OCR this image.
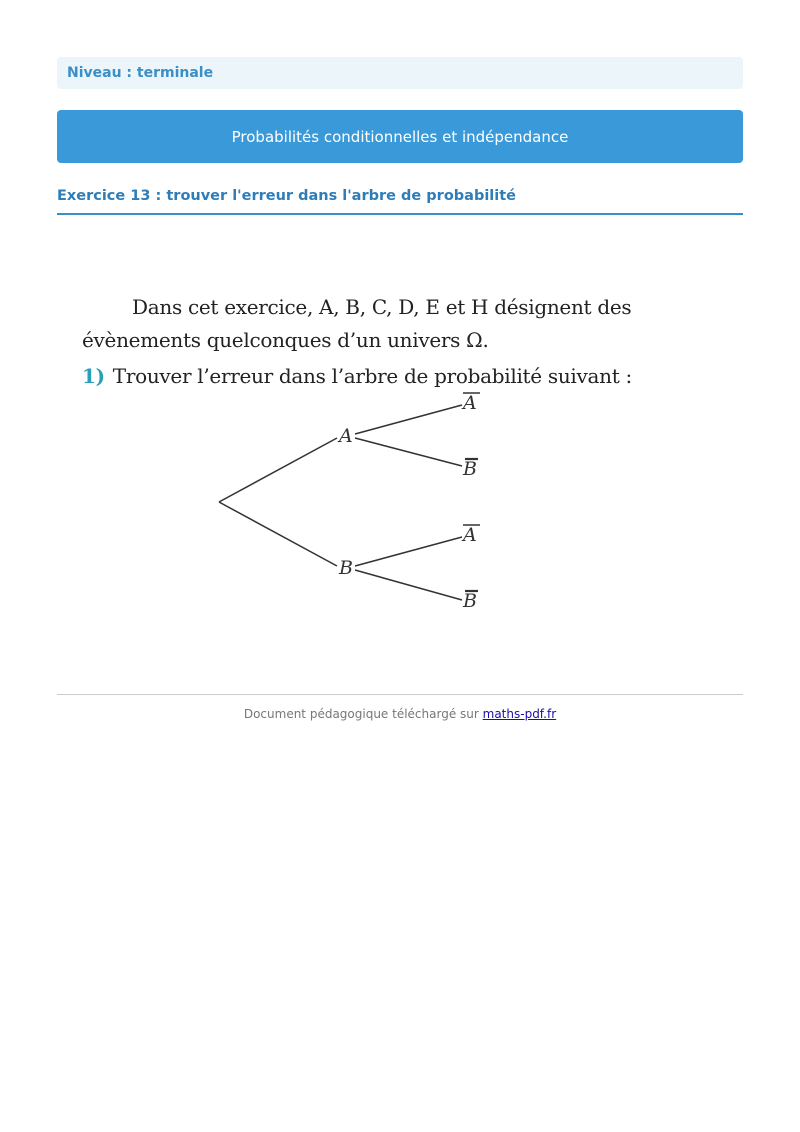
Niveau : terminale
Probabilités conditionnelles et indépendance
Exercice 13 : trouver l'erreur dans l'arbre de probabilité
Dans cet exercice, A, B, C, D, E et H désignent des
évènements quelconques d’un univers Ω.
1) Trouver l’erreur dans l’arbre de probabilité suivant :
A
B
A
B
A
B
Document pédagogique téléchargé sur maths-pdf.fr
